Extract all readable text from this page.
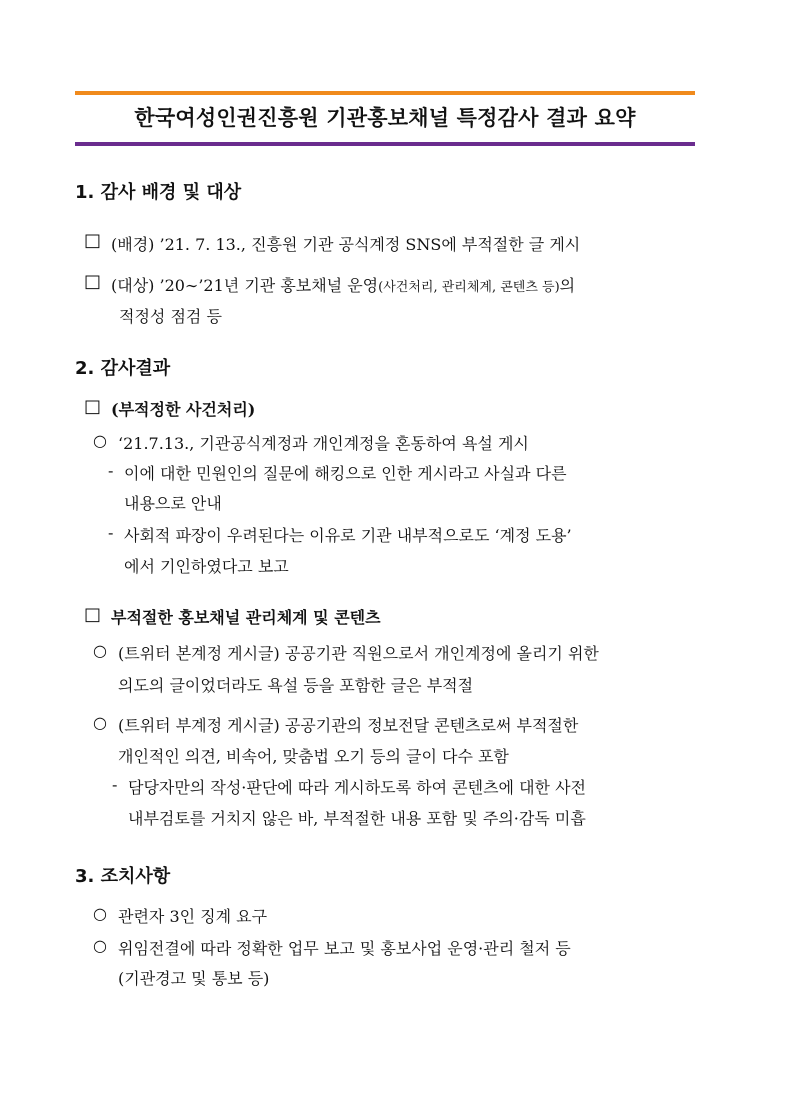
한국여성인권진흥원 기관홍보채널 특정감사 결과 요약
1. 감사 배경 및 대상
□ (배경) ’21. 7. 13., 진흥원 기관 공식계정 SNS에 부적절한 글 게시
□ (대상) ’20∼’21년 기관 홍보채널 운영(사건처리, 관리체계, 콘텐츠 등)의
적정성 점검 등
2. 감사결과
□ (부적정한 사건처리)
○ ‘21.7.13., 기관공식계정과 개인계정을 혼동하여 욕설 게시
- 이에 대한 민원인의 질문에 해킹으로 인한 게시라고 사실과 다른
내용으로 안내
- 사회적 파장이 우려된다는 이유로 기관 내부적으로도 ‘계정 도용’
에서 기인하였다고 보고
□ 부적절한 홍보채널 관리체계 및 콘텐츠
○ (트위터 본계정 게시글) 공공기관 직원으로서 개인계정에 올리기 위한
의도의 글이었더라도 욕설 등을 포함한 글은 부적절
○ (트위터 부계정 게시글) 공공기관의 정보전달 콘텐츠로써 부적절한
개인적인 의견, 비속어, 맞춤법 오기 등의 글이 다수 포함
- 담당자만의 작성·판단에 따라 게시하도록 하여 콘텐츠에 대한 사전
내부검토를 거치지 않은 바, 부적절한 내용 포함 및 주의·감독 미흡
3. 조치사항
○ 관련자 3인 징계 요구
○ 위임전결에 따라 정확한 업무 보고 및 홍보사업 운영·관리 철저 등
(기관경고 및 통보 등)
